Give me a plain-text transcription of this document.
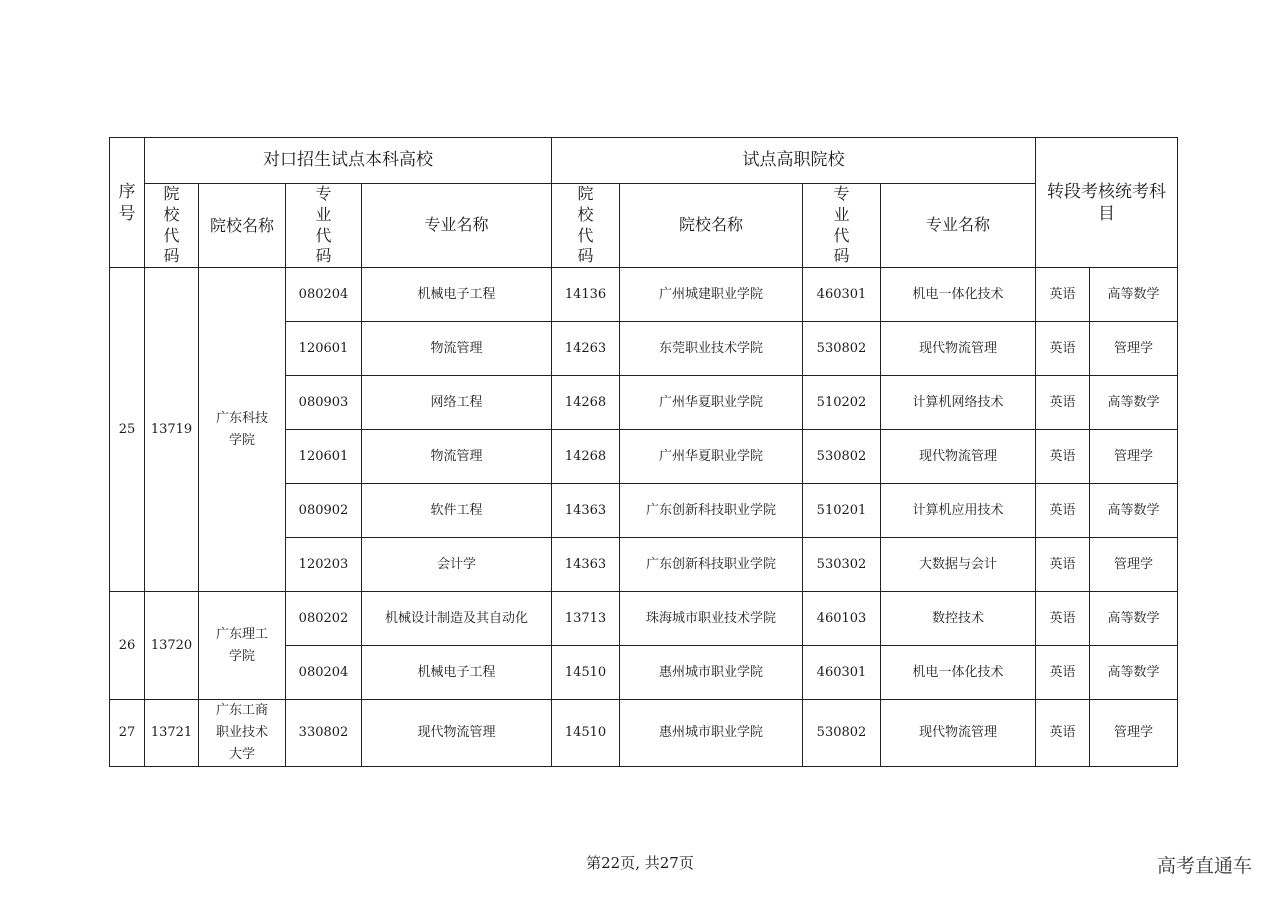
序号	对口招生试点本科高校				试点高职院校				转段考核统考科目	
	院校代码	院校名称	专业代码	专业名称	院校代码	院校名称	专业代码	专业名称		
25	13719	广东科技学院	080204	机械电子工程	14136	广州城建职业学院	460301	机电一体化技术	英语	高等数学
			120601	物流管理	14263	东莞职业技术学院	530802	现代物流管理	英语	管理学
			080903	网络工程	14268	广州华夏职业学院	510202	计算机网络技术	英语	高等数学
			120601	物流管理	14268	广州华夏职业学院	530802	现代物流管理	英语	管理学
			080902	软件工程	14363	广东创新科技职业学院	510201	计算机应用技术	英语	高等数学
			120203	会计学	14363	广东创新科技职业学院	530302	大数据与会计	英语	管理学
26	13720	广东理工学院	080202	机械设计制造及其自动化	13713	珠海城市职业技术学院	460103	数控技术	英语	高等数学
			080204	机械电子工程	14510	惠州城市职业学院	460301	机电一体化技术	英语	高等数学
27	13721	广东工商职业技术大学	330802	现代物流管理	14510	惠州城市职业学院	530802	现代物流管理	英语	管理学
第22页, 共27页	高考直通车
